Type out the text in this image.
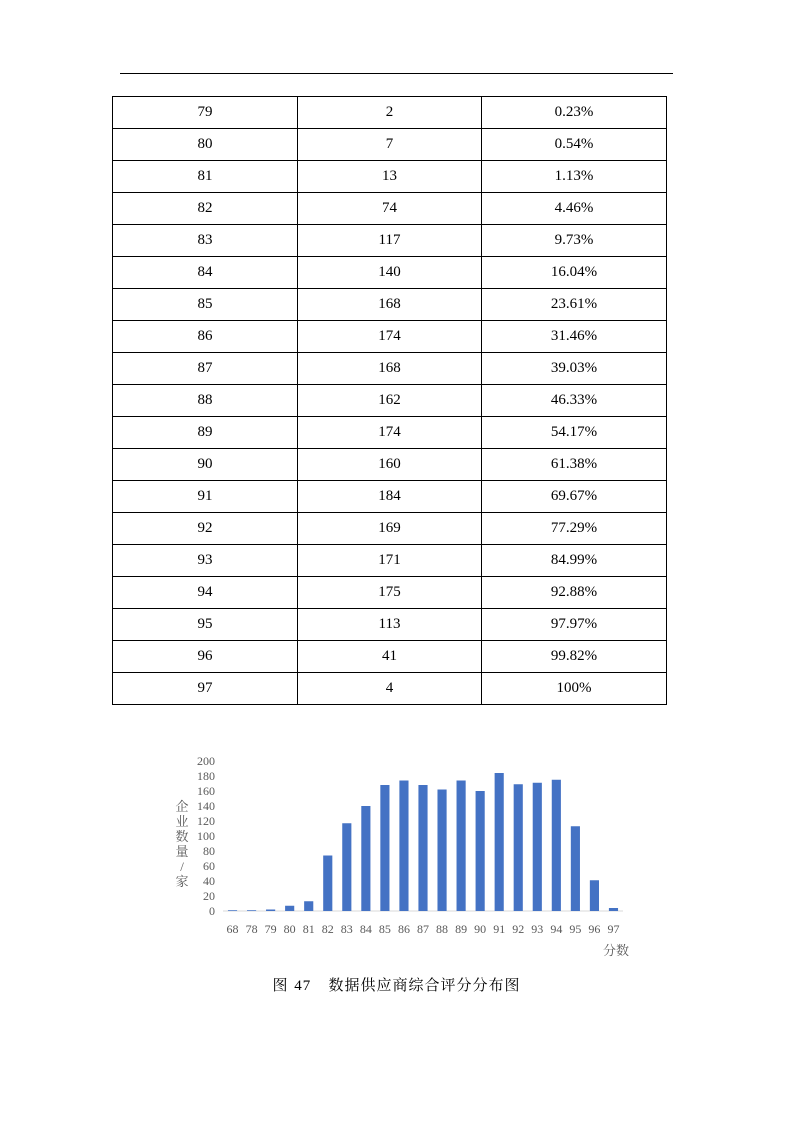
79	2	0.23%
80	7	0.54%
81	13	1.13%
82	74	4.46%
83	117	9.73%
84	140	16.04%
85	168	23.61%
86	174	31.46%
87	168	39.03%
88	162	46.33%
89	174	54.17%
90	160	61.38%
91	184	69.67%
92	169	77.29%
93	171	84.99%
94	175	92.88%
95	113	97.97%
96	41	99.82%
97	4	100%
0
20
40
60
80
100
120
140
160
180
200
68 78 79 80 81 82 83 84 85 86 87 88 89 90 91 92 93 94 95 96 97
企业数量/家
分数
图 47 数据供应商综合评分分布图
